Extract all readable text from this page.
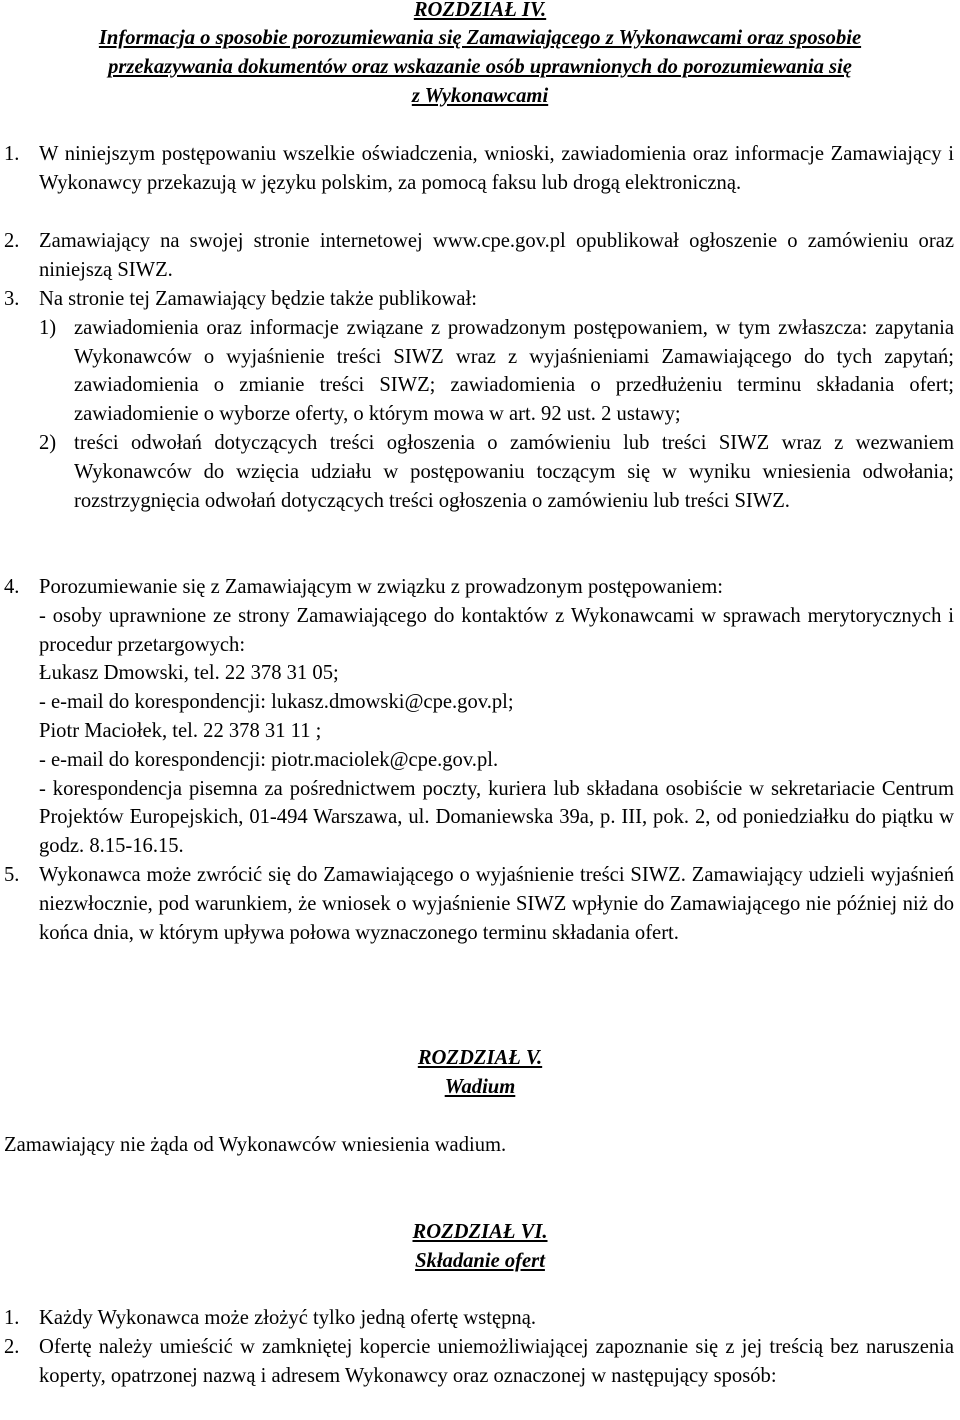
ROZDZIAŁ IV.

Informacja o sposobie porozumiewania się Zamawiającego z Wykonawcami oraz sposobie

przekazywania dokumentów oraz wskazanie osób uprawnionych do porozumiewania się

z Wykonawcami

1. W niniejszym postępowaniu wszelkie oświadczenia, wnioski, zawiadomienia oraz informacje Zamawiający i Wykonawcy przekazują w języku polskim, za pomocą faksu lub drogą elektroniczną.

2. Zamawiający na swojej stronie internetowej www.cpe.gov.pl opublikował ogłoszenie o zamówieniu oraz niniejszą SIWZ.

3. Na stronie tej Zamawiający będzie także publikował:

1) zawiadomienia oraz informacje związane z prowadzonym postępowaniem, w tym zwłaszcza: zapytania Wykonawców o wyjaśnienie treści SIWZ wraz z wyjaśnieniami Zamawiającego do tych zapytań; zawiadomienia o zmianie treści SIWZ; zawiadomienia o przedłużeniu terminu składania ofert; zawiadomienie o wyborze oferty, o którym mowa w art. 92 ust. 2 ustawy;

2) treści odwołań dotyczących treści ogłoszenia o zamówieniu lub treści SIWZ wraz z wezwaniem Wykonawców do wzięcia udziału w postępowaniu toczącym się w wyniku wniesienia odwołania; rozstrzygnięcia odwołań dotyczących treści ogłoszenia o zamówieniu lub treści SIWZ.

4. Porozumiewanie się z Zamawiającym w związku z prowadzonym postępowaniem:

- osoby uprawnione ze strony Zamawiającego do kontaktów z Wykonawcami w sprawach merytorycznych i procedur przetargowych:

Łukasz Dmowski, tel. 22 378 31 05;

- e-mail do korespondencji: lukasz.dmowski@cpe.gov.pl;

Piotr Maciołek, tel. 22 378 31 11 ;

- e-mail do korespondencji: piotr.maciolek@cpe.gov.pl.

- korespondencja pisemna za pośrednictwem poczty, kuriera lub składana osobiście w sekretariacie Centrum Projektów Europejskich, 01-494 Warszawa, ul. Domaniewska 39a, p. III, pok. 2, od poniedziałku do piątku w godz. 8.15-16.15.

5. Wykonawca może zwrócić się do Zamawiającego o wyjaśnienie treści SIWZ. Zamawiający udzieli wyjaśnień niezwłocznie, pod warunkiem, że wniosek o wyjaśnienie SIWZ wpłynie do Zamawiającego nie później niż do końca dnia, w którym upływa połowa wyznaczonego terminu składania ofert.

ROZDZIAŁ V.

Wadium

Zamawiający nie żąda od Wykonawców wniesienia wadium.

ROZDZIAŁ VI.

Składanie ofert

1. Każdy Wykonawca może złożyć tylko jedną ofertę wstępną.

2. Ofertę należy umieścić w zamkniętej kopercie uniemożliwiającej zapoznanie się z jej treścią bez naruszenia koperty, opatrzonej nazwą i adresem Wykonawcy oraz oznaczonej w następujący sposób:
